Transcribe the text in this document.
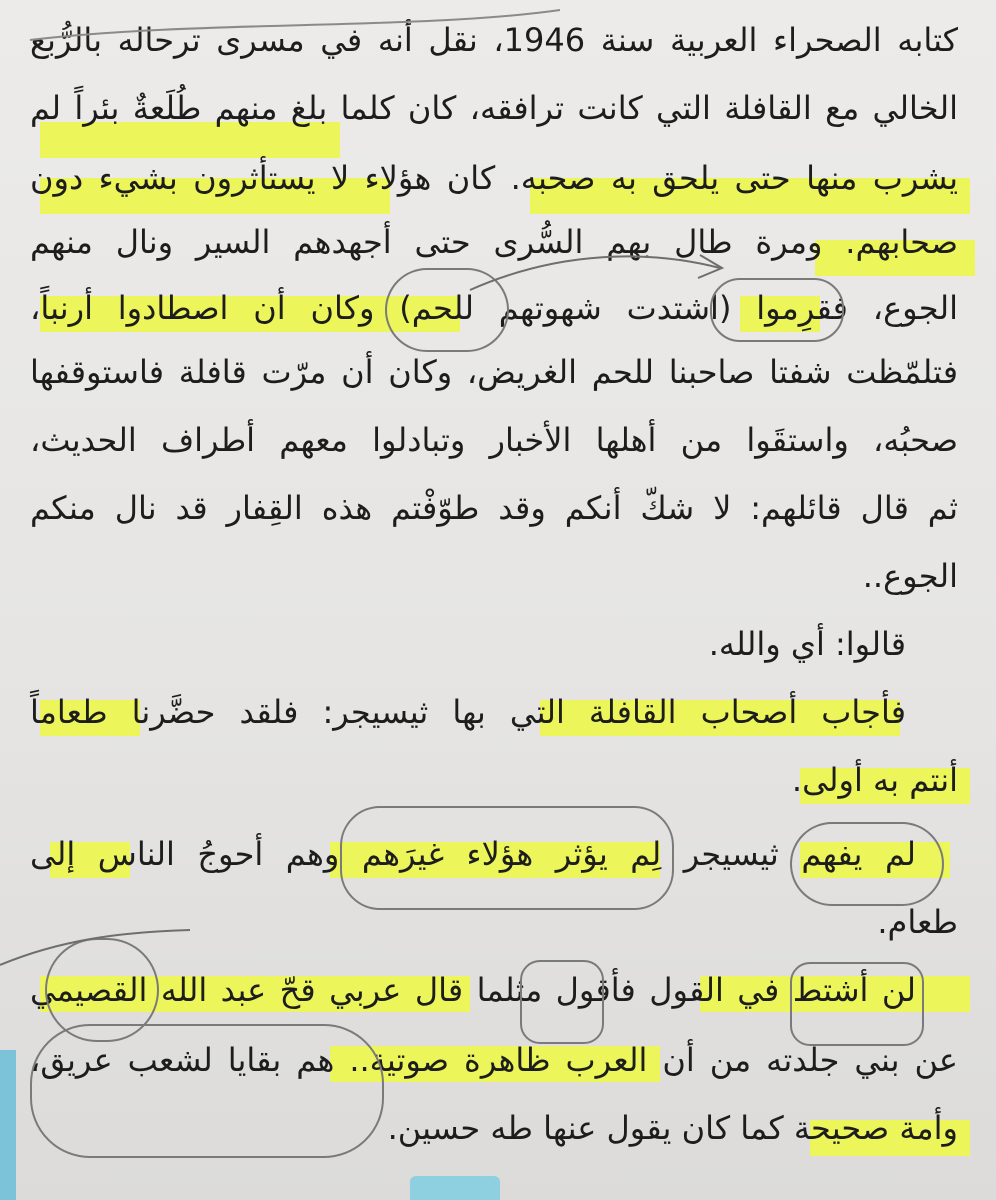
كتابه الصحراء العربية سنة 1946، نقل أنه في مسرى ترحاله بالرُّبع
الخالي مع القافلة التي كانت ترافقه، كان كلما بلغ منهم طُلَعةٌ بئراً لم
يشرب منها حتى يلحق به صحبه. كان هؤلاء لا يستأثرون بشيء دون
صحابهم. ومرة طال بهم السُّرى حتى أجهدهم السير ونال منهم
الجوع، فقرِموا (اشتدت شهوتهم للحم) وكان أن اصطادوا أرنباً،
فتلمّظت شفتا صاحبنا للحم الغريض، وكان أن مرّت قافلة فاستوقفها
صحبُه، واستقَوا من أهلها الأخبار وتبادلوا معهم أطراف الحديث،
ثم قال قائلهم: لا شكّ أنكم وقد طوّفْتم هذه القِفار قد نال منكم
الجوع..
قالوا: أي والله.
فأجاب أصحاب القافلة التي بها ثيسيجر: فلقد حضَّرنا طعاماً
أنتم به أولى.
لم يفهم ثيسيجر لِم يؤثر هؤلاء غيرَهم وهم أحوجُ الناس إلى
طعام.
لن أشتط في القول فأقول مثلما قال عربي قحّ عبد الله القصيمي
عن بني جلدته من أن العرب ظاهرة صوتية.. هم بقايا لشعب عريق،
وأمة صحيحة كما كان يقول عنها طه حسين.
